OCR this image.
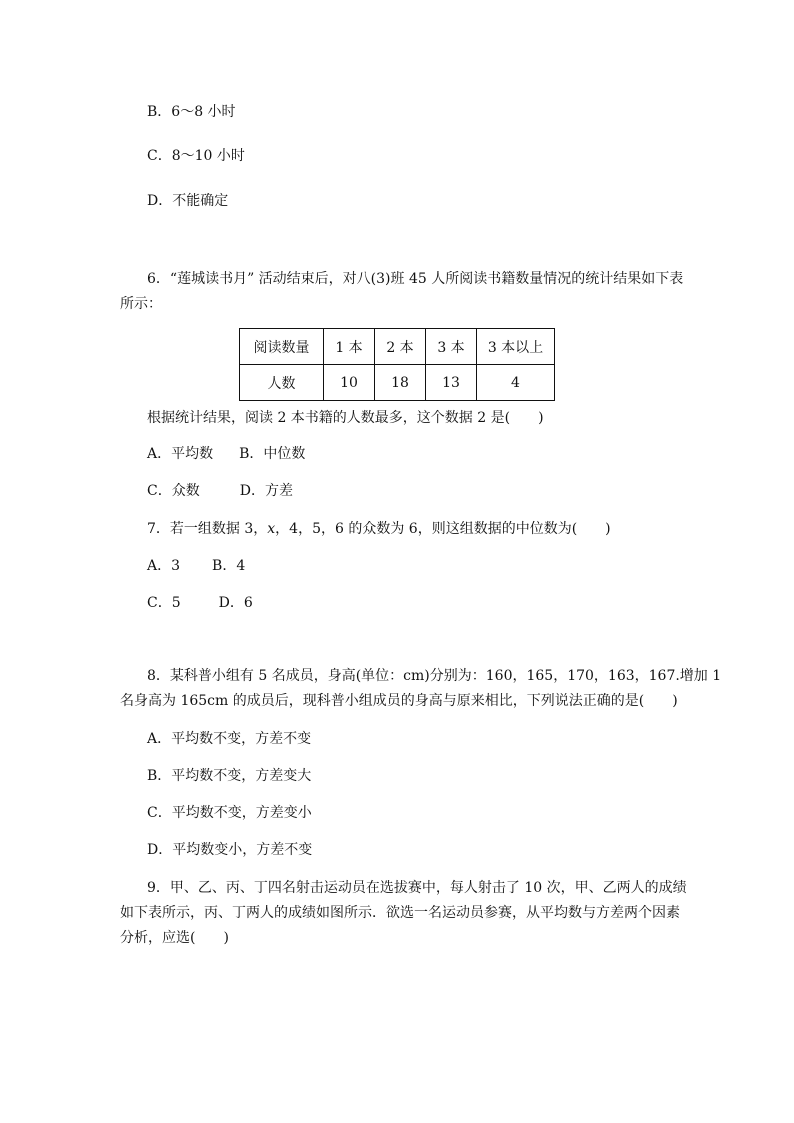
B．6～8 小时
C．8～10 小时
D．不能确定
6．“莲城读书月” 活动结束后，对八(3)班 45 人所阅读书籍数量情况的统计结果如下表
所示：
阅读数量	1 本	2 本	3 本	3 本以上
人数	10	18	13	4
根据统计结果，阅读 2 本书籍的人数最多，这个数据 2 是(　　)
A．平均数 B．中位数
C．众数	D．方差
7．若一组数据 3，x，4，5，6 的众数为 6，则这组数据的中位数为(　　)
A．3 B．4
C．5	D．6
8．某科普小组有 5 名成员，身高(单位：cm)分别为：160，165，170，163，167.增加 1
名身高为 165cm 的成员后，现科普小组成员的身高与原来相比，下列说法正确的是(　　)
A．平均数不变，方差不变
B．平均数不变，方差变大
C．平均数不变，方差变小
D．平均数变小，方差不变
9．甲、乙、丙、丁四名射击运动员在选拔赛中，每人射击了 10 次，甲、乙两人的成绩
如下表所示，丙、丁两人的成绩如图所示．欲选一名运动员参赛，从平均数与方差两个因素
分析，应选(　　)
